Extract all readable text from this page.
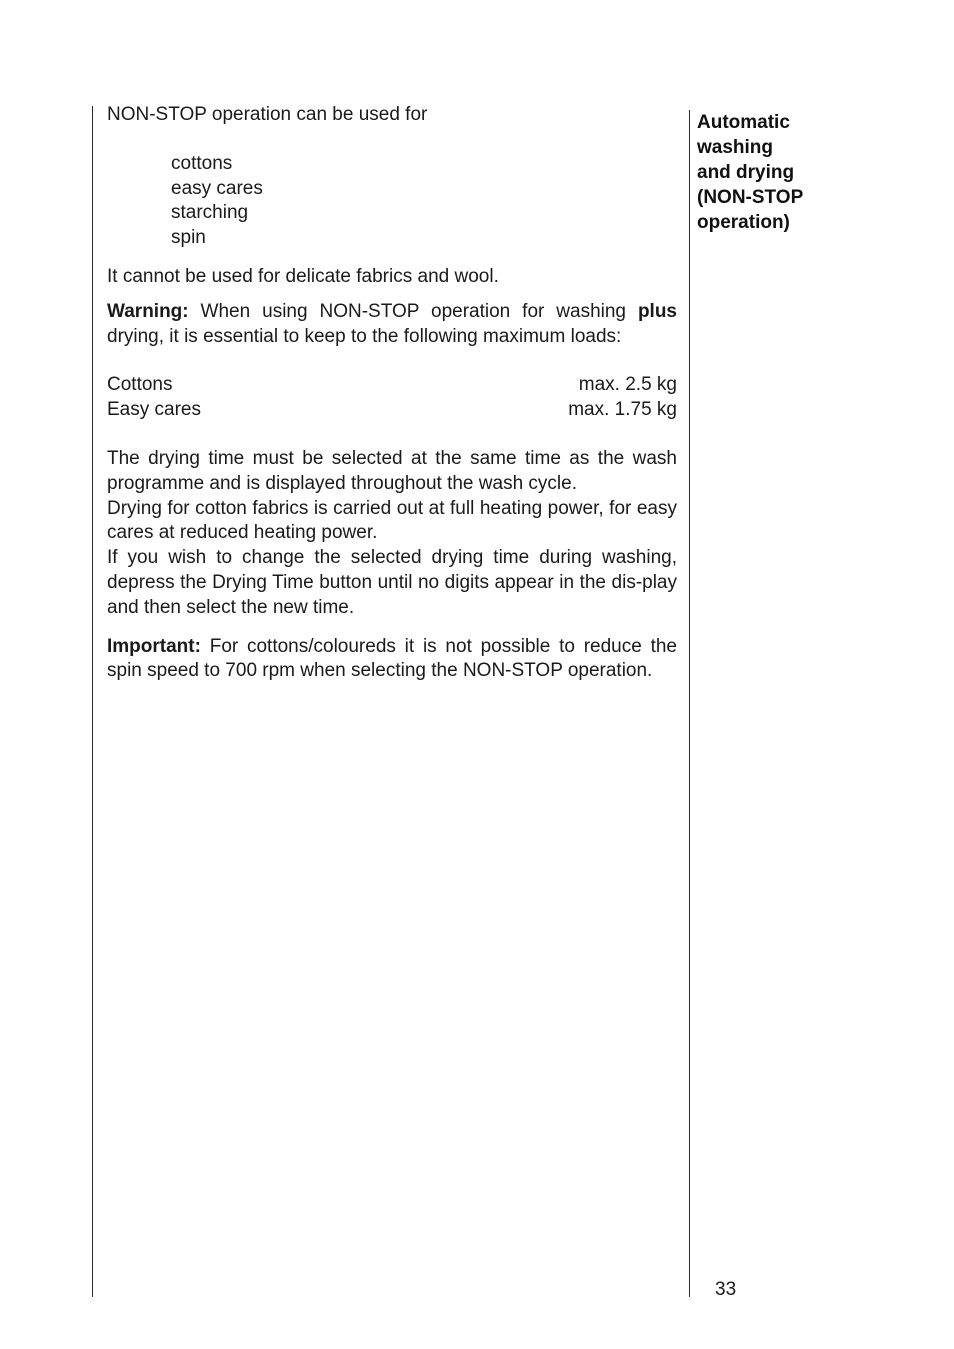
NON-STOP operation can be used for

cottons
easy cares
starching
spin

It cannot be used for delicate fabrics and wool.

Warning: When using NON-STOP operation for washing plus drying, it is essential to keep to the following maximum loads:

Cottons	max. 2.5 kg
Easy cares	max. 1.75 kg

The drying time must be selected at the same time as the wash programme and is displayed throughout the wash cycle.

Drying for cotton fabrics is carried out at full heating power, for easy cares at reduced heating power.

If you wish to change the selected drying time during washing, depress the Drying Time button until no digits appear in the dis-play and then select the new time.

Important: For cottons/coloureds it is not possible to reduce the spin speed to 700 rpm when selecting the NON-STOP operation.

Automatic
washing
and drying
(NON-STOP
operation)
33
